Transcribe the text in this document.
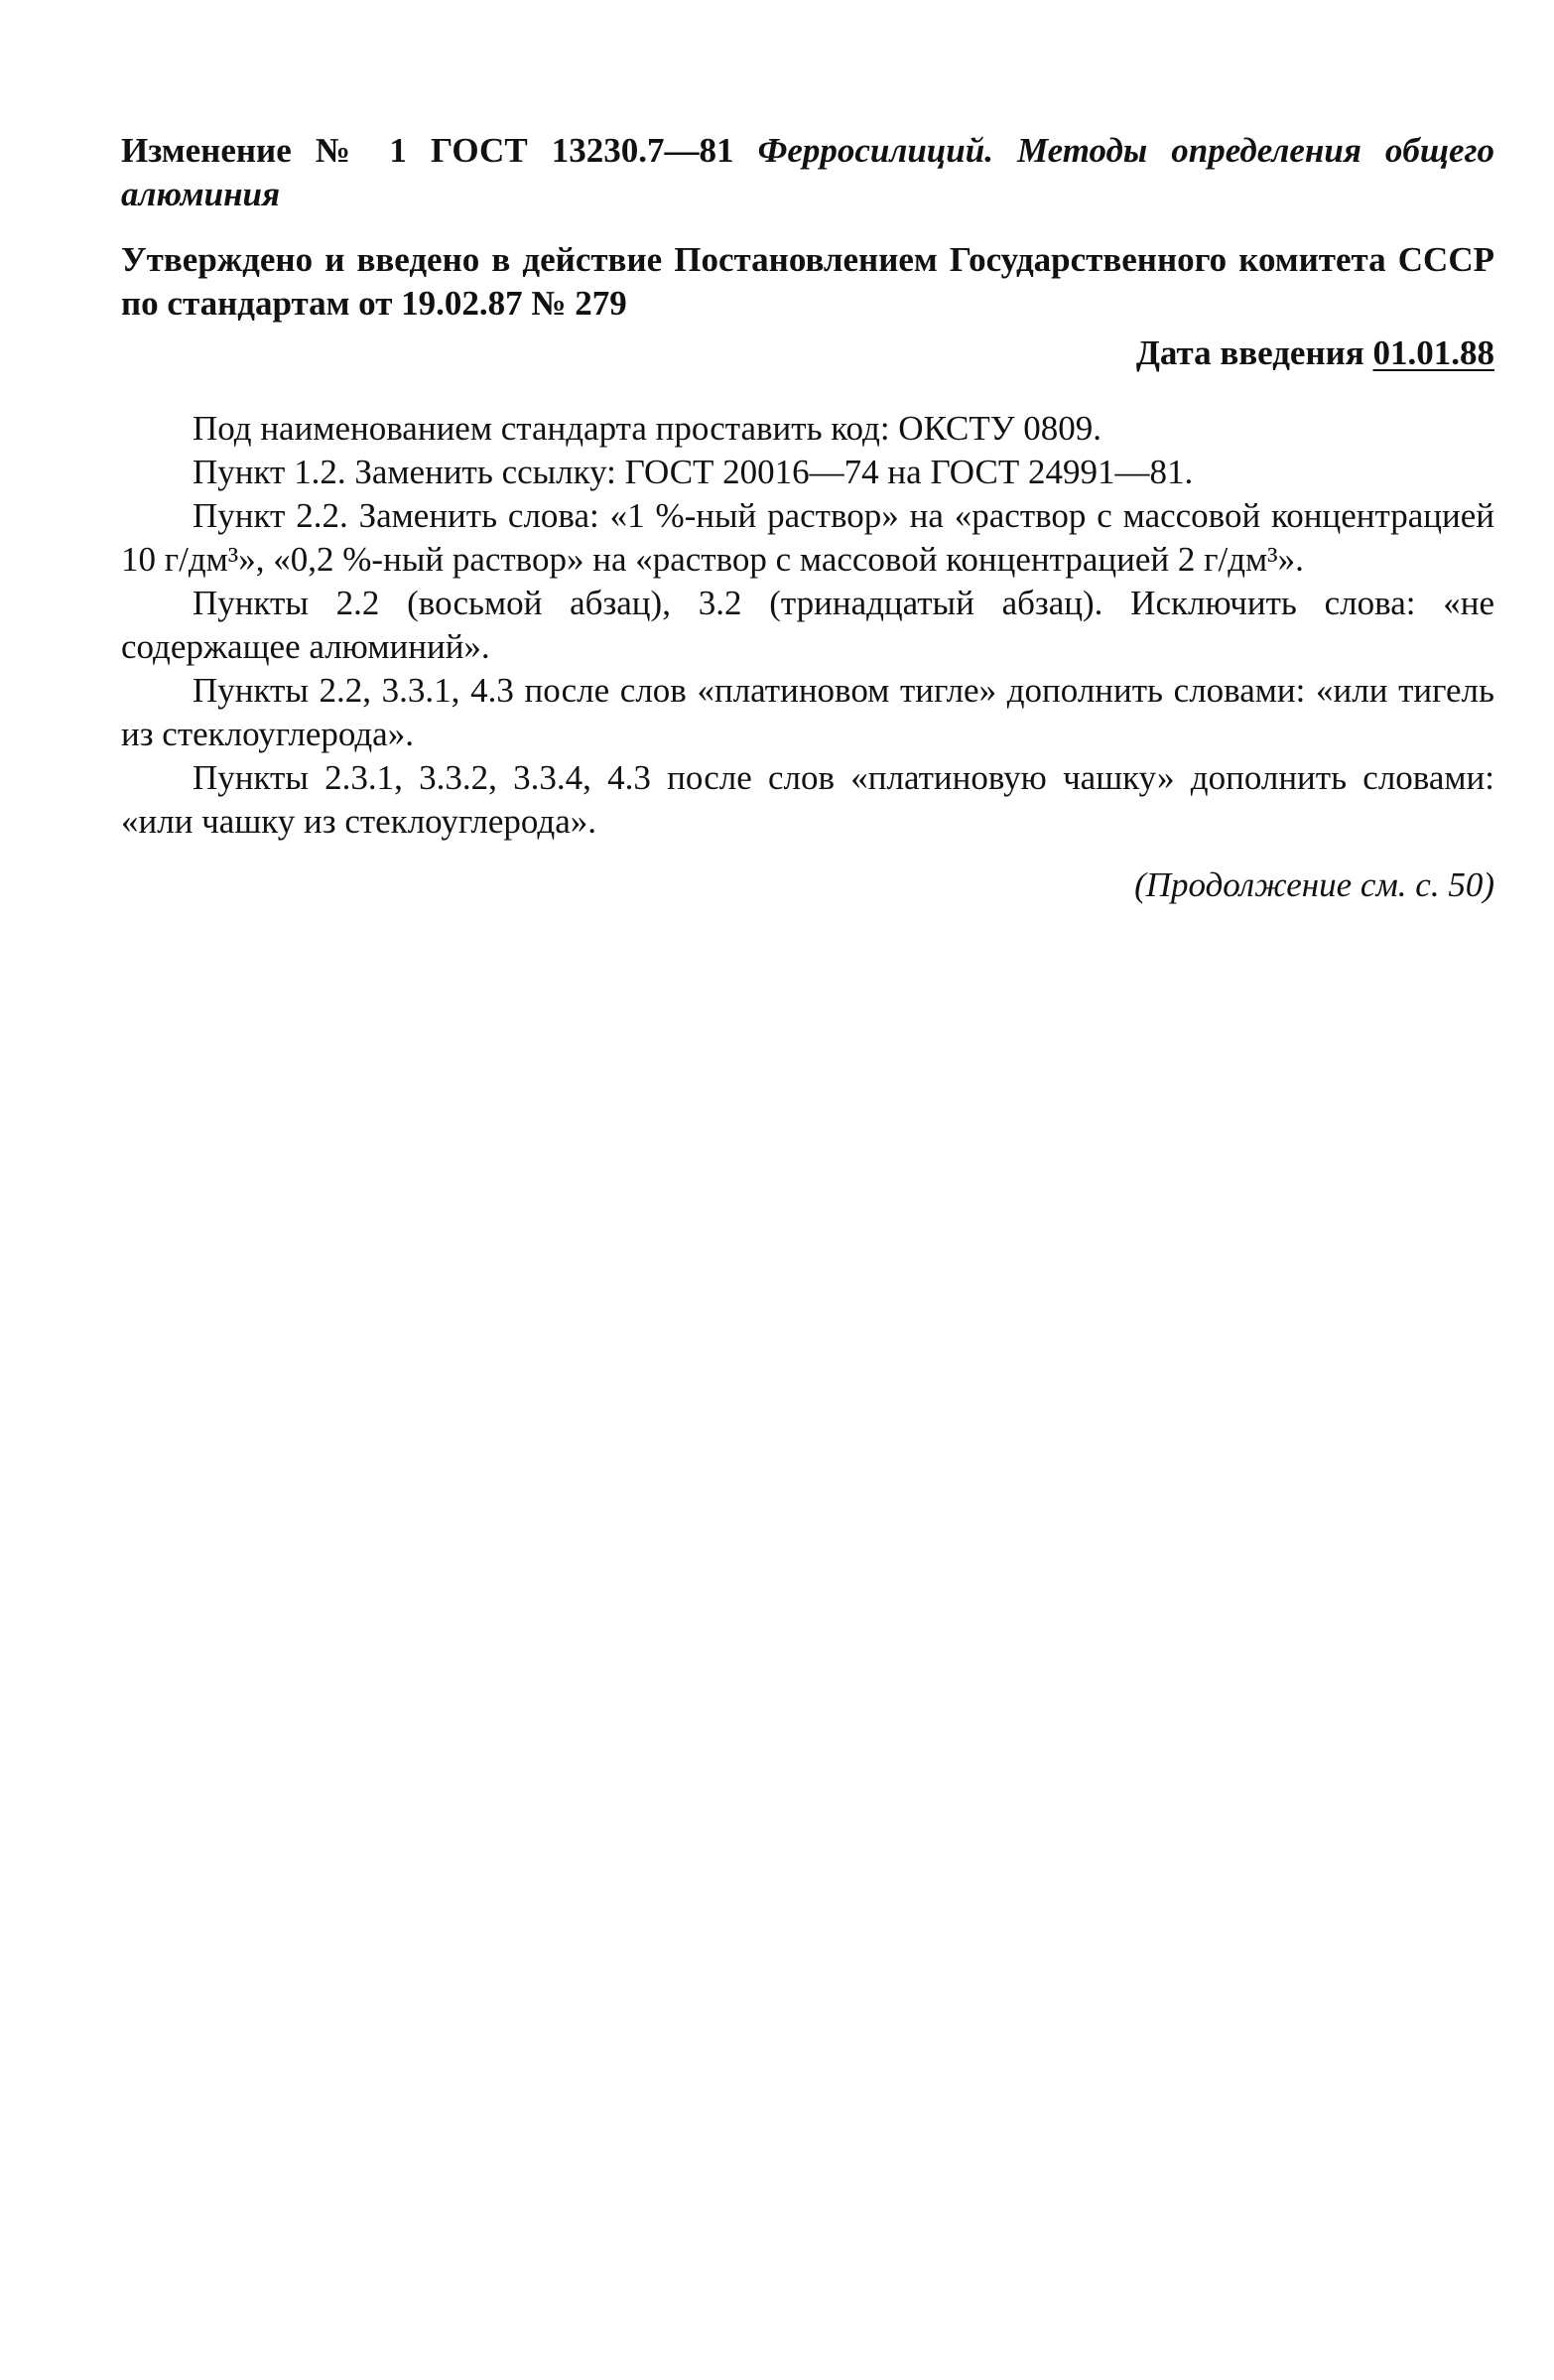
Изменение № 1 ГОСТ 13230.7—81 Ферросилиций. Методы определения общего алюминия

Утверждено и введено в действие Постановлением Государственного комитета СССР по стандартам от 19.02.87 № 279

Дата введения 01.01.88

Под наименованием стандарта проставить код: ОКСТУ 0809.

Пункт 1.2. Заменить ссылку: ГОСТ 20016—74 на ГОСТ 24991—81.

Пункт 2.2. Заменить слова: «1 %-ный раствор» на «раствор с массовой концентрацией 10 г/дм³», «0,2 %-ный раствор» на «раствор с массовой концентрацией 2 г/дм³».

Пункты 2.2 (восьмой абзац), 3.2 (тринадцатый абзац). Исключить слова: «не содержащее алюминий».

Пункты 2.2, 3.3.1, 4.3 после слов «платиновом тигле» дополнить словами: «или тигель из стеклоуглерода».

Пункты 2.3.1, 3.3.2, 3.3.4, 4.3 после слов «платиновую чашку» дополнить словами: «или чашку из стеклоуглерода».

(Продолжение см. с. 50)
